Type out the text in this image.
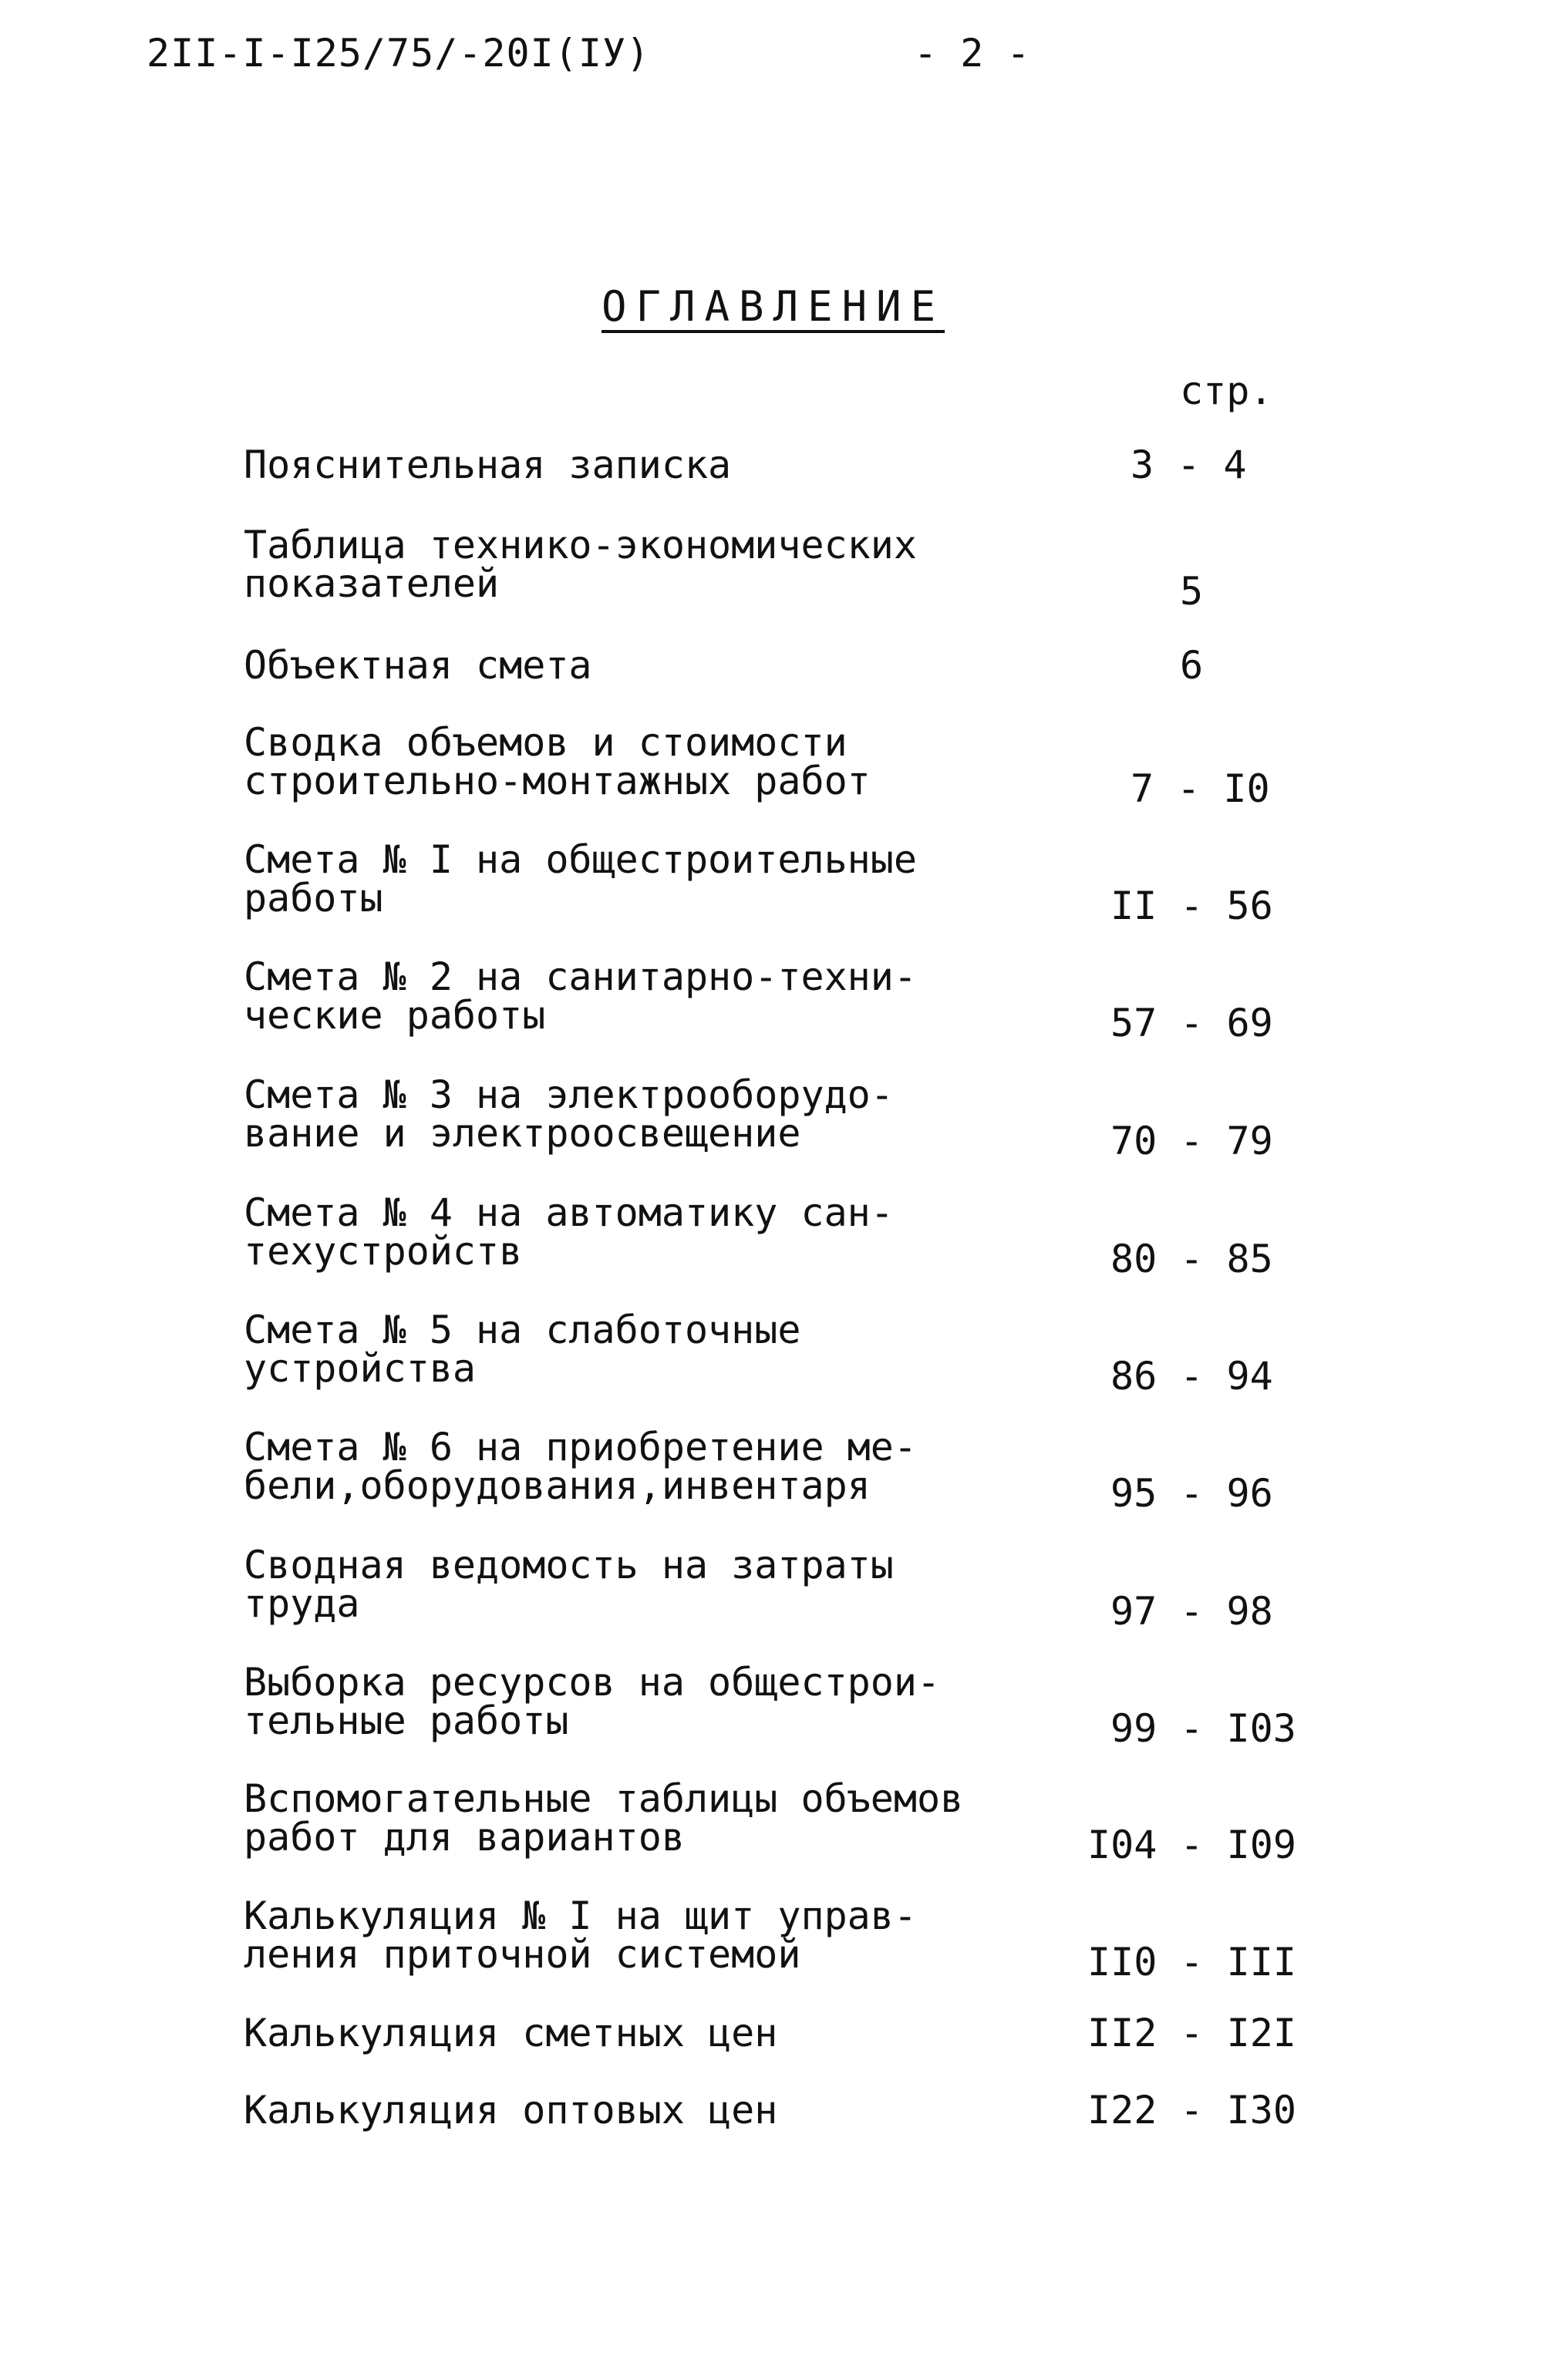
2II-I-I25/75/-20I(IУ)	- 2 -
ОГЛАВЛЕНИЕ
стр.
Пояснительная записка	3 - 4
Таблица технико-экономических
показателей	5
Объектная смета	6
Сводка объемов и стоимости
строительно-монтажных работ	7 - I0
Смета № I на общестроительные
работы	II - 56
Смета № 2 на санитарно-техни-
ческие работы	57 - 69
Смета № 3 на электрооборудо-
вание и электроосвещение	70 - 79
Смета № 4 на автоматику сан-
техустройств	80 - 85
Смета № 5 на слаботочные
устройства	86 - 94
Смета № 6 на приобретение ме-
бели,оборудования,инвентаря	95 - 96
Сводная ведомость на затраты
труда	97 - 98
Выборка ресурсов на общестрои-
тельные работы	99 - I03
Вспомогательные таблицы объемов
работ для вариантов	I04 - I09
Калькуляция № I на щит управ-
ления приточной системой	II0 - III
Калькуляция сметных цен	II2 - I2I
Калькуляция оптовых цен	I22 - I30
